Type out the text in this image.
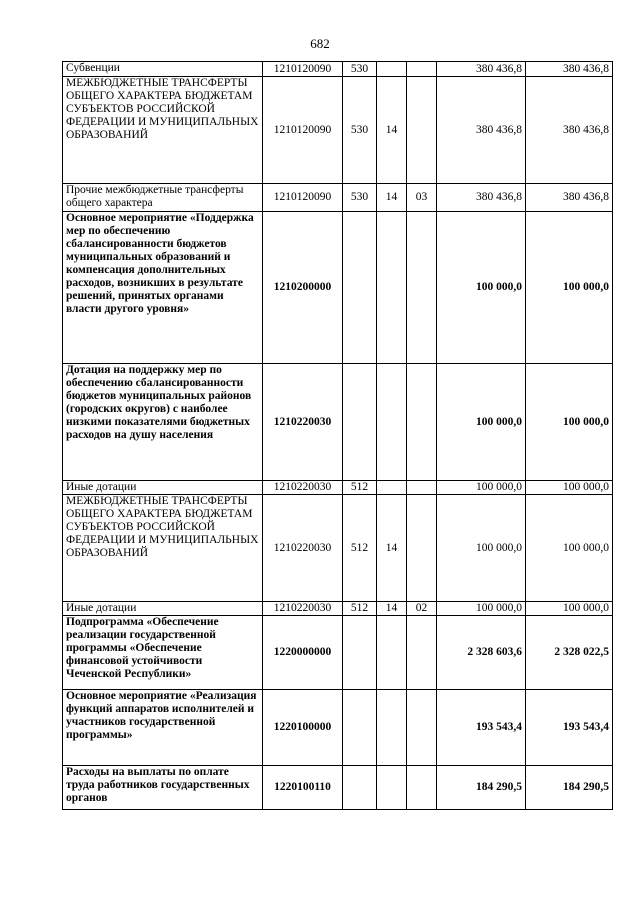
682
Субвенции	1210120090	530			380 436,8	380 436,8
МЕЖБЮДЖЕТНЫЕ ТРАНСФЕРТЫ ОБЩЕГО ХАРАКТЕРА БЮДЖЕТАМ СУБЪЕКТОВ РОССИЙСКОЙ ФЕДЕРАЦИИ И МУНИЦИПАЛЬНЫХ ОБРАЗОВАНИЙ	1210120090	530	14		380 436,8	380 436,8
Прочие межбюджетные трансферты общего характера	1210120090	530	14	03	380 436,8	380 436,8
Основное мероприятие «Поддержка мер по обеспечению сбалансированности бюджетов муниципальных образований и компенсация дополнительных расходов, возникших в результате решений, принятых органами власти другого уровня»	1210200000				100 000,0	100 000,0
Дотация на поддержку мер по обеспечению сбалансированности бюджетов муниципальных районов (городских округов) с наиболее низкими показателями бюджетных расходов на душу населения	1210220030				100 000,0	100 000,0
Иные дотации	1210220030	512			100 000,0	100 000,0
МЕЖБЮДЖЕТНЫЕ ТРАНСФЕРТЫ ОБЩЕГО ХАРАКТЕРА БЮДЖЕТАМ СУБЪЕКТОВ РОССИЙСКОЙ ФЕДЕРАЦИИ И МУНИЦИПАЛЬНЫХ ОБРАЗОВАНИЙ	1210220030	512	14		100 000,0	100 000,0
Иные дотации	1210220030	512	14	02	100 000,0	100 000,0
Подпрограмма «Обеспечение реализации государственной программы «Обеспечение финансовой устойчивости Чеченской Республики»	1220000000				2 328 603,6	2 328 022,5
Основное мероприятие «Реализация функций аппаратов исполнителей и участников государственной программы»	1220100000				193 543,4	193 543,4
Расходы на выплаты по оплате труда работников государственных органов	1220100110				184 290,5	184 290,5
